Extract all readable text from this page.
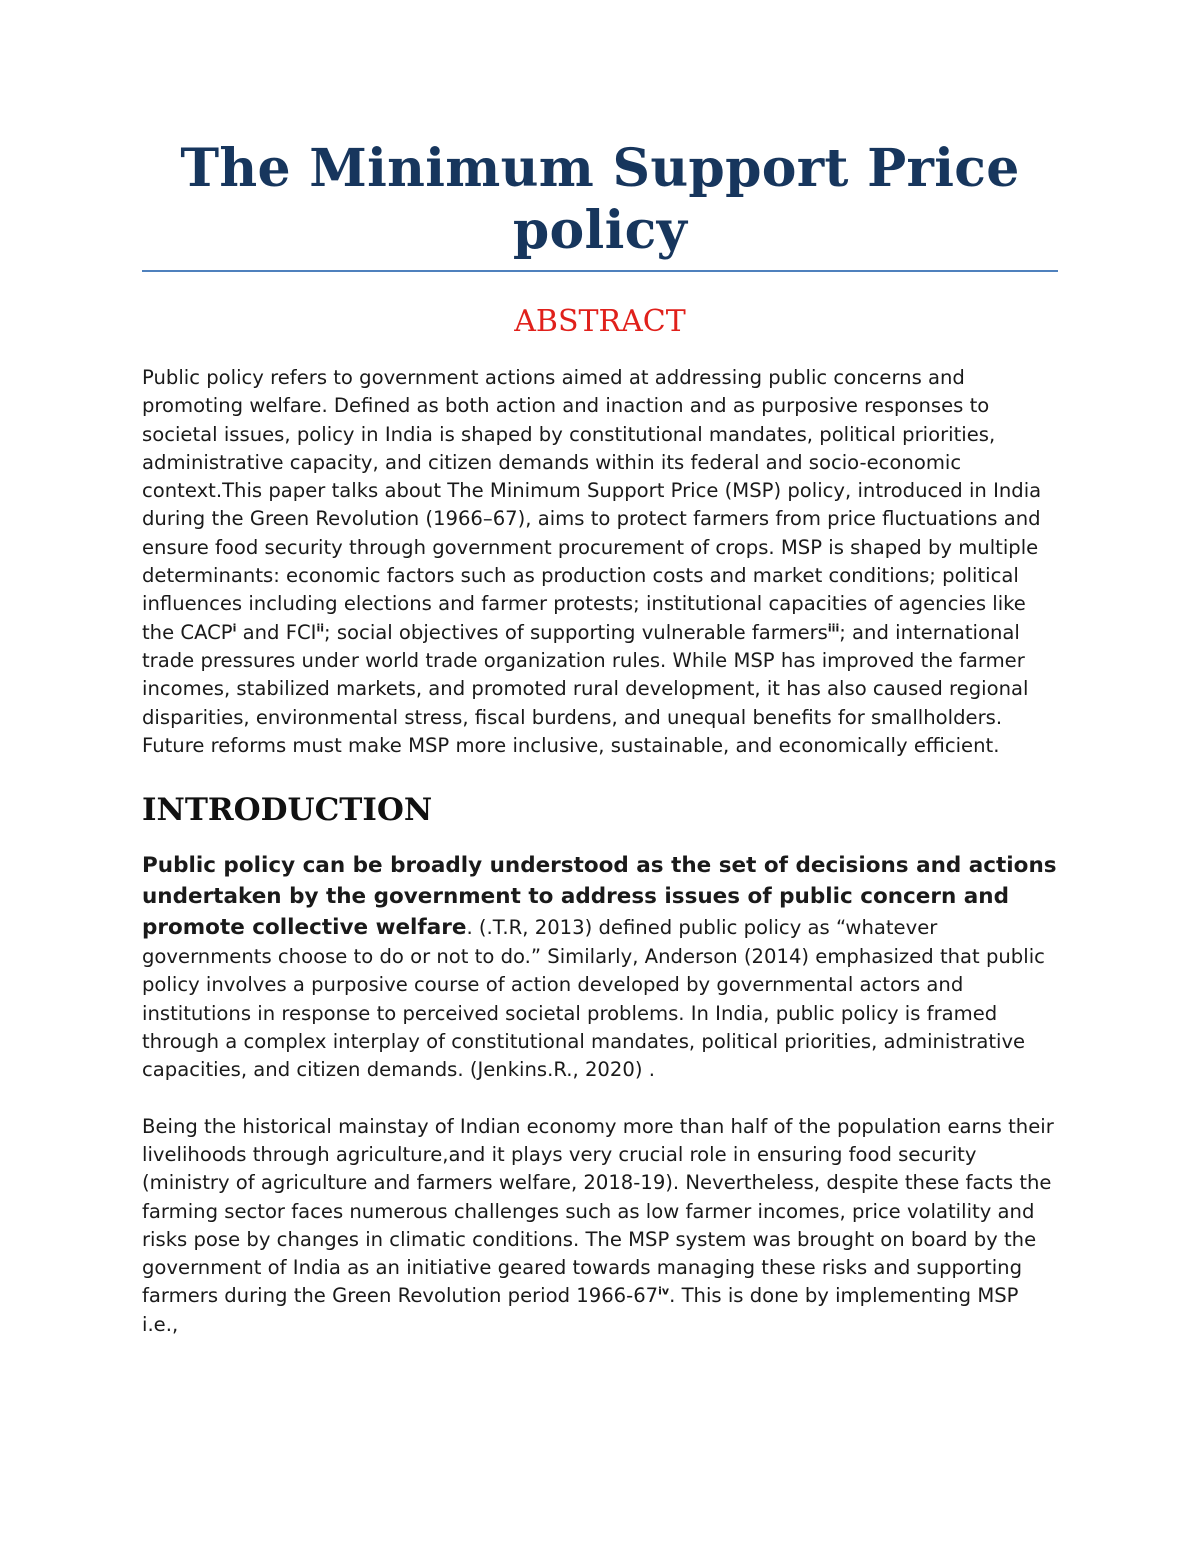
The Minimum Support Price
policy
ABSTRACT

Public policy refers to government actions aimed at addressing public concerns and promoting welfare. Defined as both action and inaction and as purposive responses to societal issues, policy in India is shaped by constitutional mandates, political priorities, administrative capacity, and citizen demands within its federal and socio-economic context.This paper talks about The Minimum Support Price (MSP) policy, introduced in India during the Green Revolution (1966–67), aims to protect farmers from price fluctuations and ensure food security through government procurement of crops. MSP is shaped by multiple determinants: economic factors such as production costs and market conditions; political influences including elections and farmer protests; institutional capacities of agencies like the CACP$^i$ and FCI$^{ii}$; social objectives of supporting vulnerable farmers$^{iii}$; and international trade pressures under world trade organization rules. While MSP has improved the farmer incomes, stabilized markets, and promoted rural development, it has also caused regional disparities, environmental stress, fiscal burdens, and unequal benefits for smallholders. Future reforms must make MSP more inclusive, sustainable, and economically efficient.

INTRODUCTION

Public policy can be broadly understood as the set of decisions and actions undertaken by the government to address issues of public concern and promote collective welfare. (.T.R, 2013) defined public policy as “whatever governments choose to do or not to do.” Similarly, Anderson (2014) emphasized that public policy involves a purposive course of action developed by governmental actors and institutions in response to perceived societal problems. In India, public policy is framed through a complex interplay of constitutional mandates, political priorities, administrative capacities, and citizen demands. (Jenkins.R., 2020) .

Being the historical mainstay of Indian economy more than half of the population earns their livelihoods through agriculture,and it plays very crucial role in ensuring food security (ministry of agriculture and farmers welfare, 2018-19). Nevertheless, despite these facts the farming sector faces numerous challenges such as low farmer incomes, price volatility and risks pose by changes in climatic conditions. The MSP system was brought on board by the government of India as an initiative geared towards managing these risks and supporting farmers during the Green Revolution period 1966-67$^{iv}$. This is done by implementing MSP i.e.,
